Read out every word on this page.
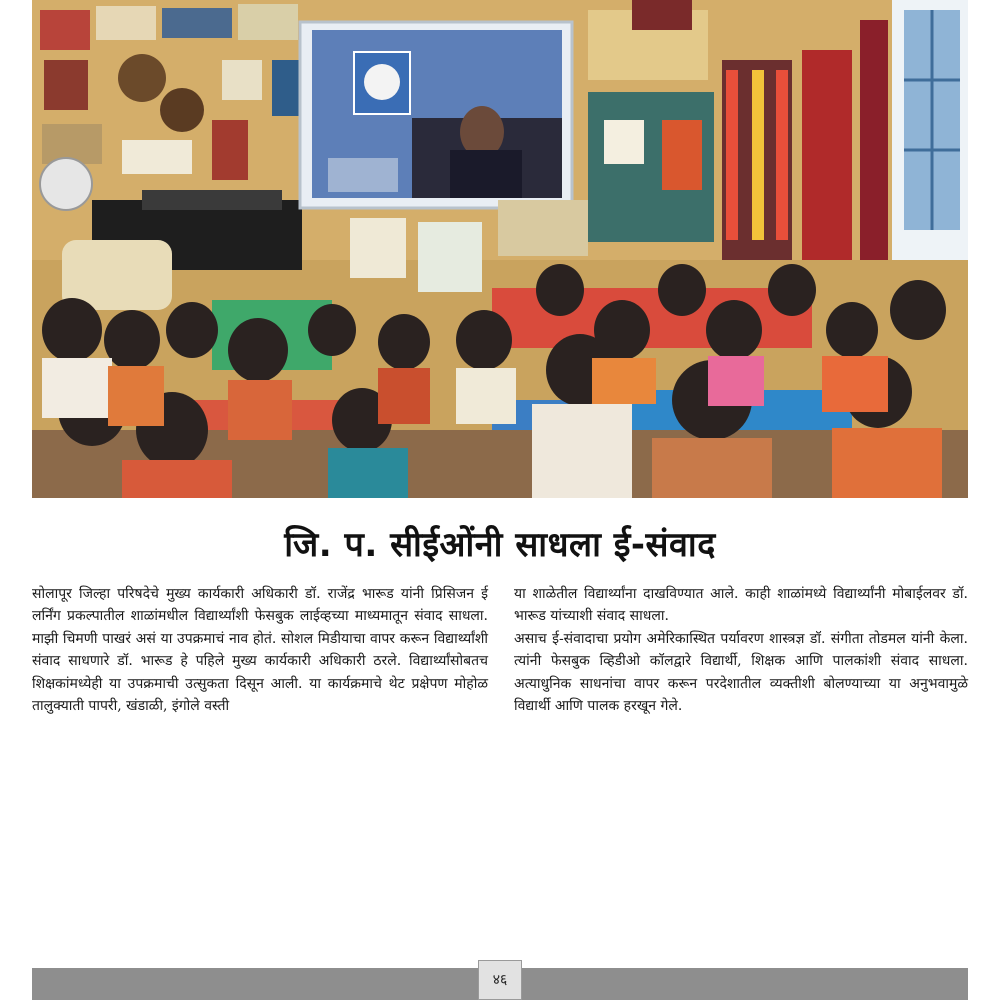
जि. प. सीईओंनी साधला ई-संवाद

सोलापूर जिल्हा परिषदेचे मुख्य कार्यकारी अधिकारी डॉ. राजेंद्र भारूड यांनी प्रिसिजन ई लर्निंग प्रकल्पातील शाळांमधील विद्यार्थ्यांशी फेसबुक लाईव्हच्या माध्यमातून संवाद साधला. माझी चिमणी पाखरं असं या उपक्रमाचं नाव होतं. सोशल मिडीयाचा वापर करून विद्यार्थ्यांशी संवाद साधणारे डॉ. भारूड हे पहिले मुख्य कार्यकारी अधिकारी ठरले. विद्यार्थ्यांसोबतच शिक्षकांमध्येही या उपक्रमाची उत्सुकता दिसून आली. या कार्यक्रमाचे थेट प्रक्षेपण मोहोळ तालुक्याती पापरी, खंडाळी, इंगोले वस्ती

या शाळेतील विद्यार्थ्यांना दाखविण्यात आले. काही शाळांमध्ये विद्यार्थ्यांनी मोबाईलवर डॉ. भारूड यांच्याशी संवाद साधला.

असाच ई-संवादाचा प्रयोग अमेरिकास्थित पर्यावरण शास्त्रज्ञ डॉ. संगीता तोडमल यांनी केला. त्यांनी फेसबुक व्हिडीओ कॉलद्वारे विद्यार्थी, शिक्षक आणि पालकांशी संवाद साधला. अत्याधुनिक साधनांचा वापर करून परदेशातील व्यक्तीशी बोलण्याच्या या अनुभवामुळे विद्यार्थी आणि पालक हरखून गेले.

४६
